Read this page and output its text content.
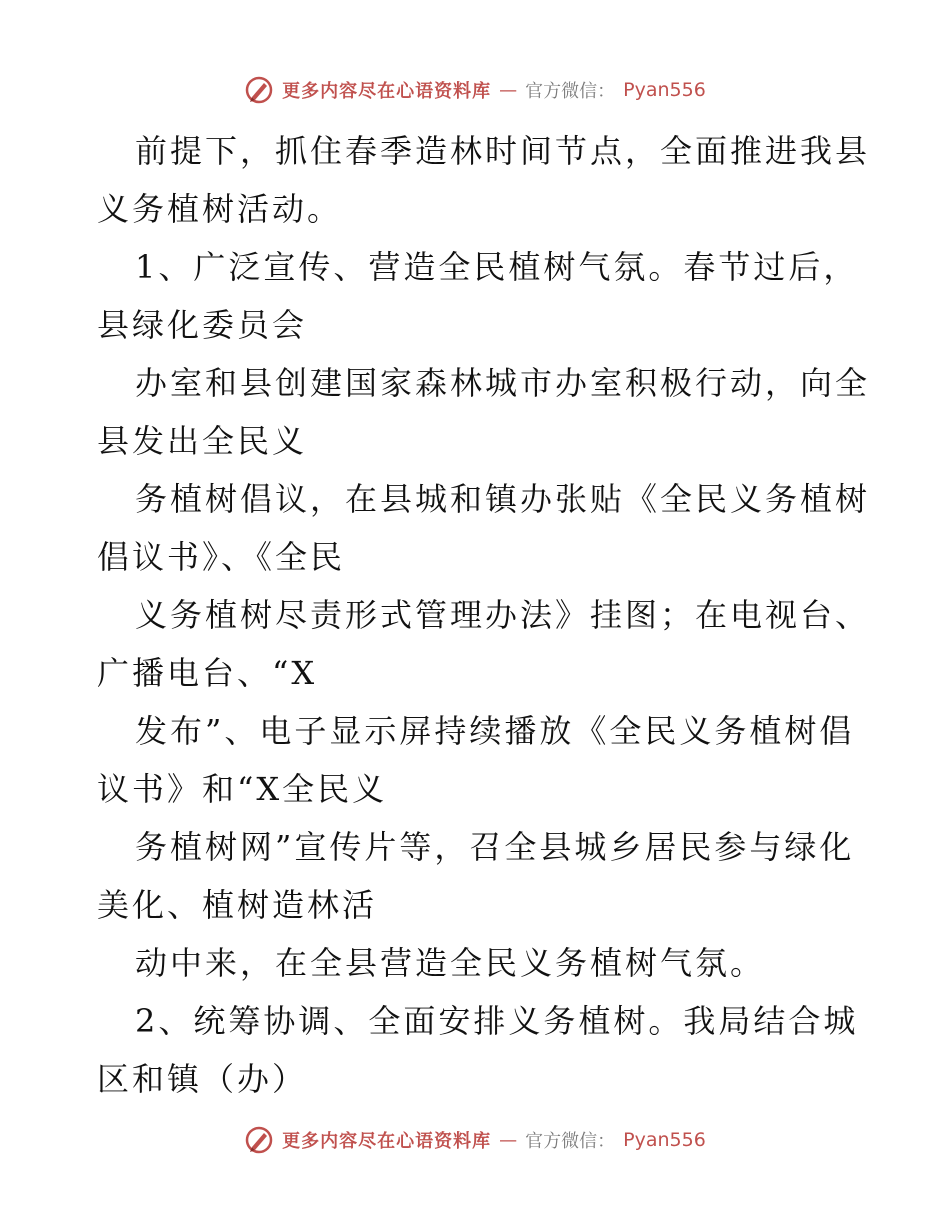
更多内容尽在心语资料库 — 官方微信： Pyan556
前提下，抓住春季造林时间节点，全面推进我县
义务植树活动。
1、广泛宣传、营造全民植树气氛。春节过后，
县绿化委员会
办室和县创建国家森林城市办室积极行动，向全
县发出全民义
务植树倡议，在县城和镇办张贴《全民义务植树
倡议书》、《全民
义务植树尽责形式管理办法》挂图；在电视台、
广播电台、“X
发布”、电子显示屏持续播放《全民义务植树倡
议书》和“X全民义
务植树网”宣传片等，召全县城乡居民参与绿化
美化、植树造林活
动中来，在全县营造全民义务植树气氛。
2、统筹协调、全面安排义务植树。我局结合城
区和镇（办）
更多内容尽在心语资料库 — 官方微信： Pyan556
